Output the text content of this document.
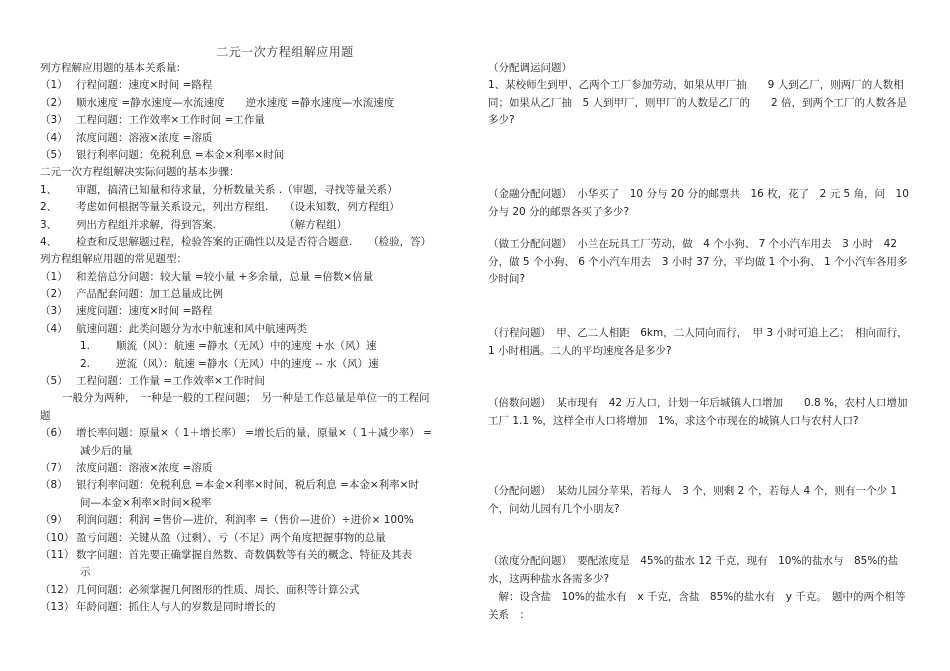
二元一次方程组解应用题
列方程解应用题的基本关系量:
（1） 行程问题：速度×时间 =路程
（2） 顺水速度 =静水速度—水流速度　　逆水速度 =静水速度—水流速度
（3） 工程问题：工作效率×工作时间 =工作量
（4） 浓度问题：溶液×浓度 =溶质
（5） 银行利率问题：免税利息 =本金×利率×时间
二元一次方程组解决实际问题的基本步骤：
1、 审题，搞清已知量和待求量，分析数量关系 .（审题，寻找等量关系）
2、 考虑如何根据等量关系设元，列出方程组.　　（设未知数，列方程组）
3、 列出方程组并求解，得到答案.　　　　　　　（解方程组）
4、 检查和反思解题过程，检验答案的正确性以及是否符合题意.　　（检验，答）
列方程组解应用题的常见题型：
（1） 和差倍总分问题：较大量 =较小量 +多余量，总量 =倍数×倍量
（2） 产品配套问题：加工总量成比例
（3） 速度问题：速度×时间 =路程
（4） 航速问题：此类问题分为水中航速和风中航速两类
1. 顺流（风）：航速 =静水（无风）中的速度 +水（风）速
2. 逆流（风）：航速 =静水（无风）中的速度 -- 水（风）速
（5） 工程问题：工作量 =工作效率×工作时间
一般分为两种，　一种是一般的工程问题；　另一种是工作总量是单位一的工程问
题
（6） 增长率问题：原量×（ 1＋增长率） =增长后的量，原量×（ 1＋减少率） =
减少后的量
（7） 浓度问题：溶液×浓度 =溶质
（8） 银行利率问题：免税利息 =本金×利率×时间，税后利息 =本金×利率×时
间—本金×利率×时间×税率
（9） 利润问题：利润 =售价—进价，利润率 =（售价—进价）÷进价× 100%
（10） 盈亏问题：关键从盈（过剩）、亏（不足）两个角度把握事物的总量
（11） 数字问题：首先要正确掌握自然数、奇数偶数等有关的概念、特征及其表
示
（12） 几何问题：必须掌握几何图形的性质、周长、面积等计算公式
（13） 年龄问题：抓住人与人的岁数是同时增长的
（分配调运问题）
1、某校师生到甲、乙两个工厂参加劳动，如果从甲厂抽　　9 人到乙厂，则两厂的人数相同；如果从乙厂抽　5 人到甲厂，则甲厂的人数是乙厂的　　2 倍，到两个工厂的人数各是多少?
（金融分配问题）　小华买了　10 分与 20 分的邮票共　16 枚，花了　2 元 5 角，问　10 分与 20 分的邮票各买了多少?
（做工分配问题）　小兰在玩具工厂劳动，做　4 个小狗、 7 个小汽车用去　3 小时　42 分，做 5 个小狗、 6 个小汽车用去　3 小时 37 分，平均做 1 个小狗、 1 个小汽车各用多少时间?
（行程问题）　甲、乙二人相距　6km，二人同向而行，　甲 3 小时可追上乙；　相向而行，1 小时相遇。二人的平均速度各是多少?
（倍数问题）　某市现有　42 万人口，计划一年后城镇人口增加　　0.8 %，农村人口增加工厂 1.1 %，这样全市人口将增加　1%，求这个市现在的城镇人口与农村人口?
（分配问题）　某幼儿园分苹果，若每人　3 个，则剩 2 个，若每人 4 个，则有一个少 1 个，问幼儿园有几个小朋友?
（浓度分配问题）　要配浓度是　45%的盐水 12 千克，现有　10%的盐水与　85%的盐水，这两种盐水各需多少?
　解：设含盐　10%的盐水有　x 千克，含盐　85%的盐水有　y 千克。　题中的两个相等关系　：
